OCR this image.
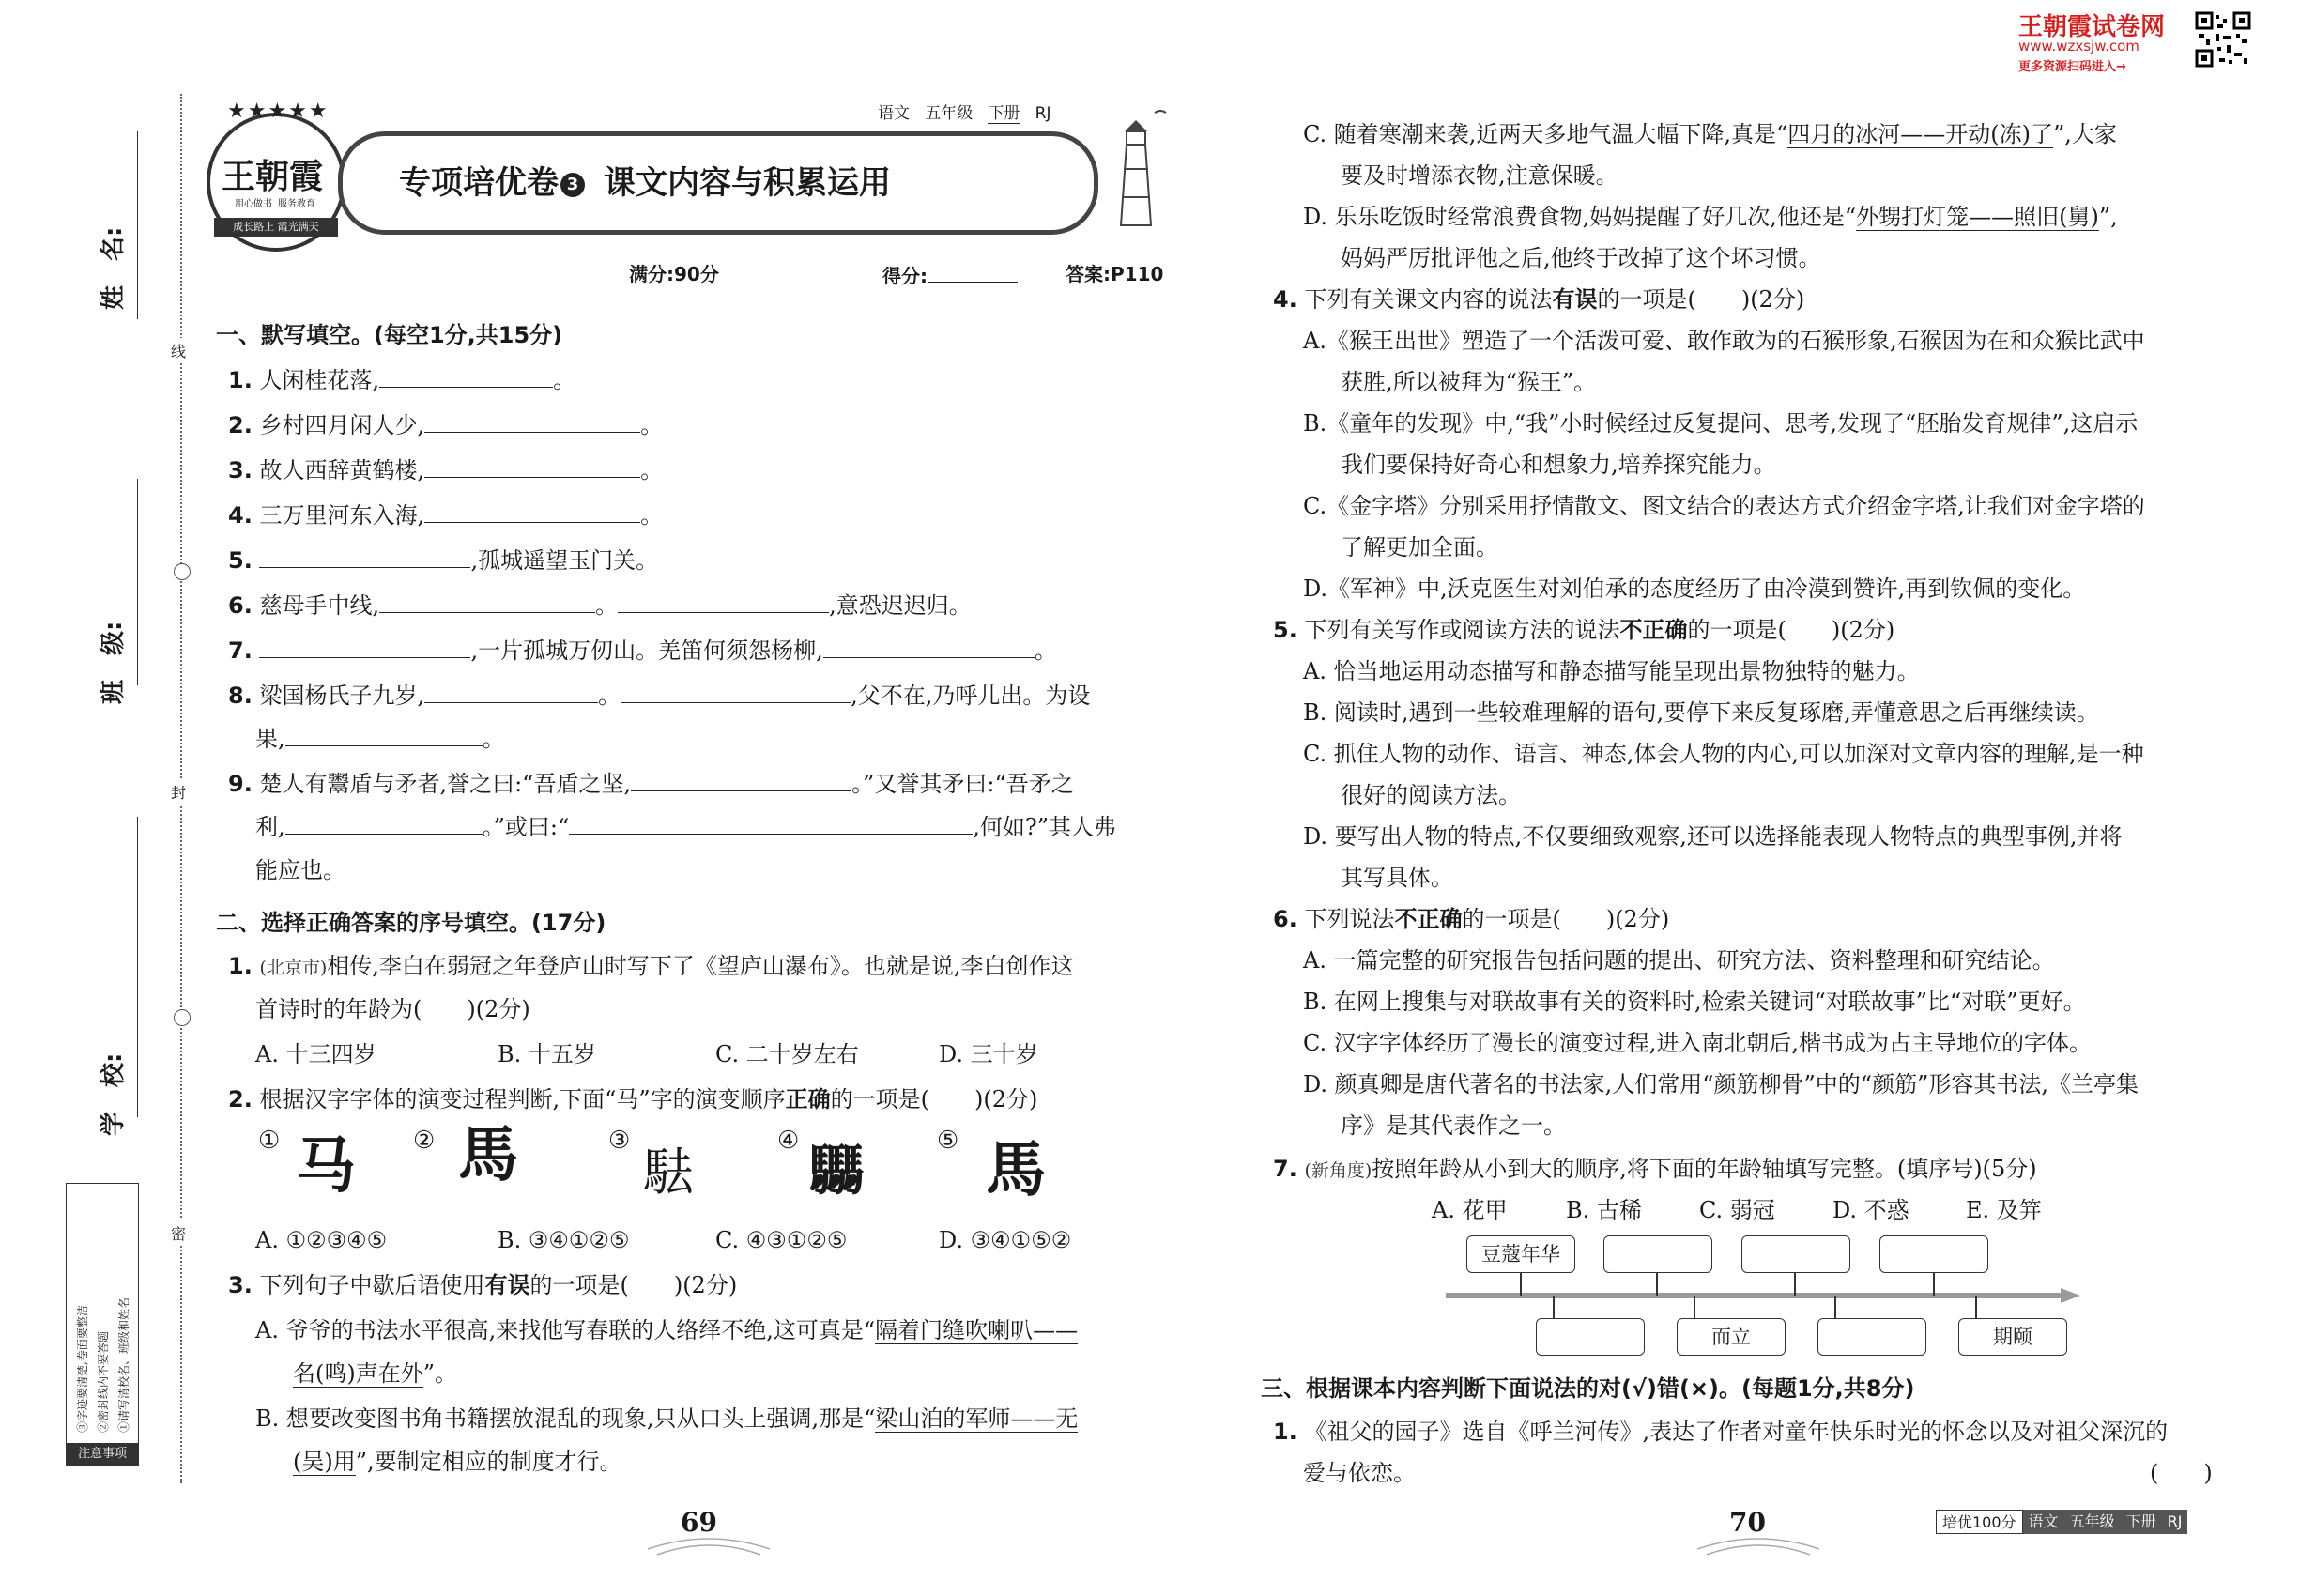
姓　名:
班　级:
学　校:
线
封
密
注意事项
①请写清校名、班级和姓名
②密封线内不要答题
③字迹要清楚,卷面要整洁
★★★★★
王朝霞
用心做书 服务教育
成长路上 霞光满天
语文 五年级 下册 RJ
专项培优卷 3 课文内容与积累运用
满分:90分	得分:	答案:P110
一、默写填空。(每空1分,共15分)
1. 人闲桂花落,	。
2. 乡村四月闲人少,	。
3. 故人西辞黄鹤楼,	。
4. 三万里河东入海,	。
5.	,孤城遥望玉门关。
6. 慈母手中线,	。	,意恐迟迟归。
7.	,一片孤城万仞山。羌笛何须怨杨柳,	。
8. 梁国杨氏子九岁,	。	,父不在,乃呼儿出。为设
果,	。
9. 楚人有鬻盾与矛者,誉之曰:“吾盾之坚,	。”又誉其矛曰:“吾矛之
利,	。”或曰:“	,何如?”其人弗
能应也。
二、选择正确答案的序号填空。(17分)
1. (北京市)相传,李白在弱冠之年登庐山时写下了《望庐山瀑布》。也就是说,李白创作这
首诗时的年龄为(　　)(2分)
A. 十三四岁	B. 十五岁	C. 二十岁左右	D. 三十岁
2. 根据汉字字体的演变过程判断,下面“马”字的演变顺序正确的一项是(　　)(2分)
① 马 ② 馬	③
䮃
④ 𩧢	⑤ 馬
A. ①②③④⑤	B. ③④①②⑤	C. ④③①②⑤	D. ③④①⑤②
3. 下列句子中歇后语使用有误的一项是(　　)(2分)
A. 爷爷的书法水平很高,来找他写春联的人络绎不绝,这可真是“隔着门缝吹喇叭——
名(鸣)声在外”。
B. 想要改变图书角书籍摆放混乱的现象,只从口头上强调,那是“梁山泊的军师——无
(吴)用”,要制定相应的制度才行。
王朝霞试卷网
www.wzxsjw.com
更多资源扫码进入→
C. 随着寒潮来袭,近两天多地气温大幅下降,真是“四月的冰河——开动(冻)了”,大家
要及时增添衣物,注意保暖。
D. 乐乐吃饭时经常浪费食物,妈妈提醒了好几次,他还是“外甥打灯笼——照旧(舅)”,
妈妈严厉批评他之后,他终于改掉了这个坏习惯。
4. 下列有关课文内容的说法有误的一项是(　　)(2分)
A.《猴王出世》塑造了一个活泼可爱、敢作敢为的石猴形象,石猴因为在和众猴比武中
获胜,所以被拜为“猴王”。
B.《童年的发现》中,“我”小时候经过反复提问、思考,发现了“胚胎发育规律”,这启示
我们要保持好奇心和想象力,培养探究能力。
C.《金字塔》分别采用抒情散文、图文结合的表达方式介绍金字塔,让我们对金字塔的
了解更加全面。
D.《军神》中,沃克医生对刘伯承的态度经历了由冷漠到赞许,再到钦佩的变化。
5. 下列有关写作或阅读方法的说法不正确的一项是(　　)(2分)
A. 恰当地运用动态描写和静态描写能呈现出景物独特的魅力。
B. 阅读时,遇到一些较难理解的语句,要停下来反复琢磨,弄懂意思之后再继续读。
C. 抓住人物的动作、语言、神态,体会人物的内心,可以加深对文章内容的理解,是一种
很好的阅读方法。
D. 要写出人物的特点,不仅要细致观察,还可以选择能表现人物特点的典型事例,并将
其写具体。
6. 下列说法不正确的一项是(　　)(2分)
A. 一篇完整的研究报告包括问题的提出、研究方法、资料整理和研究结论。
B. 在网上搜集与对联故事有关的资料时,检索关键词“对联故事”比“对联”更好。
C. 汉字字体经历了漫长的演变过程,进入南北朝后,楷书成为占主导地位的字体。
D. 颜真卿是唐代著名的书法家,人们常用“颜筋柳骨”中的“颜筋”形容其书法,《兰亭集
序》是其代表作之一。
7. (新角度)按照年龄从小到大的顺序,将下面的年龄轴填写完整。(填序号)(5分)
A. 花甲	B. 古稀	C. 弱冠	D. 不惑	E. 及笄
豆蔻年华
而立	期颐
三、根据课本内容判断下面说法的对(√)错(×)。(每题1分,共8分)
1. 《祖父的园子》选自《呼兰河传》,表达了作者对童年快乐时光的怀念以及对祖父深沉的
爱与依恋。	(　　)
69	70	培优100分 语文 五年级 下册 RJ
